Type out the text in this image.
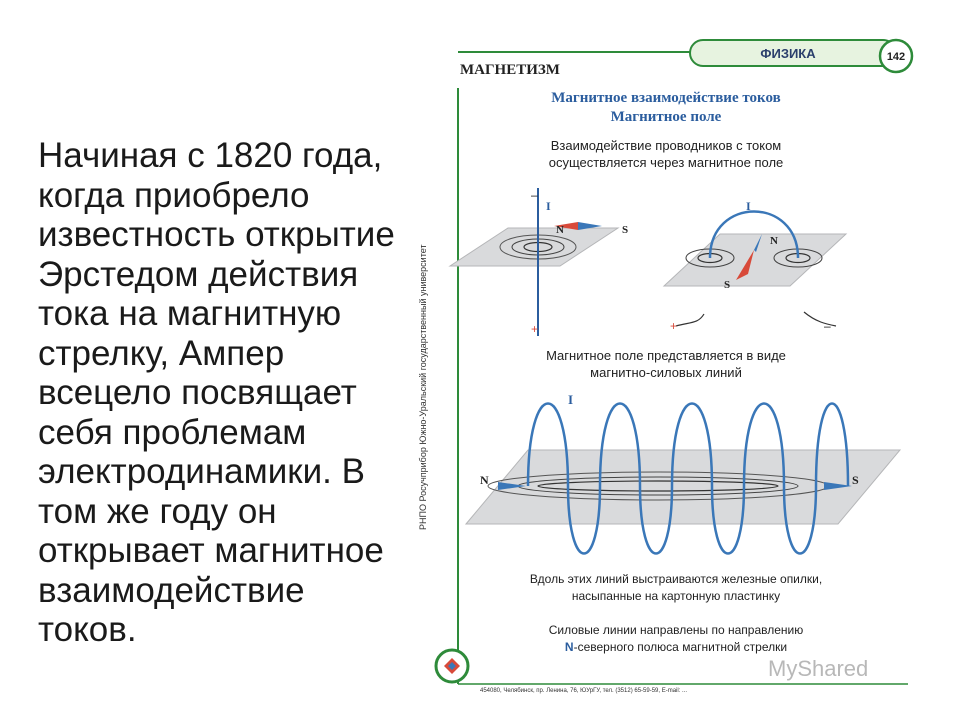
Начиная с 1820 года,
когда приобрело
известность открытие
Эрстедом действия
тока на магнитную
стрелку, Ампер
всецело посвящает
себя проблемам
электродинамики. В
том же году он
открывает магнитное
взаимодействие
токов.
ФИЗИКА	142
МАГНЕТИЗМ
Магнитное взаимодействие токов
Магнитное поле
Взаимодействие проводников с током
осуществляется через магнитное поле
–
+
I
N	S
I
N
S
+	–
Магнитное поле представляется в виде
магнитно-силовых линий
I
N	S
Вдоль этих линий выстраиваются железные опилки,
насыпанные на картонную пластинку
Силовые линии направлены по направлению
N-северного полюса магнитной стрелки
454080, Челябинск, пр. Ленина, 76, ЮУрГУ, тел. (3512) 65-59-59, E-mail: ...
РНПО Росучприбор Южно-Уральский государственный университет
MyShared
